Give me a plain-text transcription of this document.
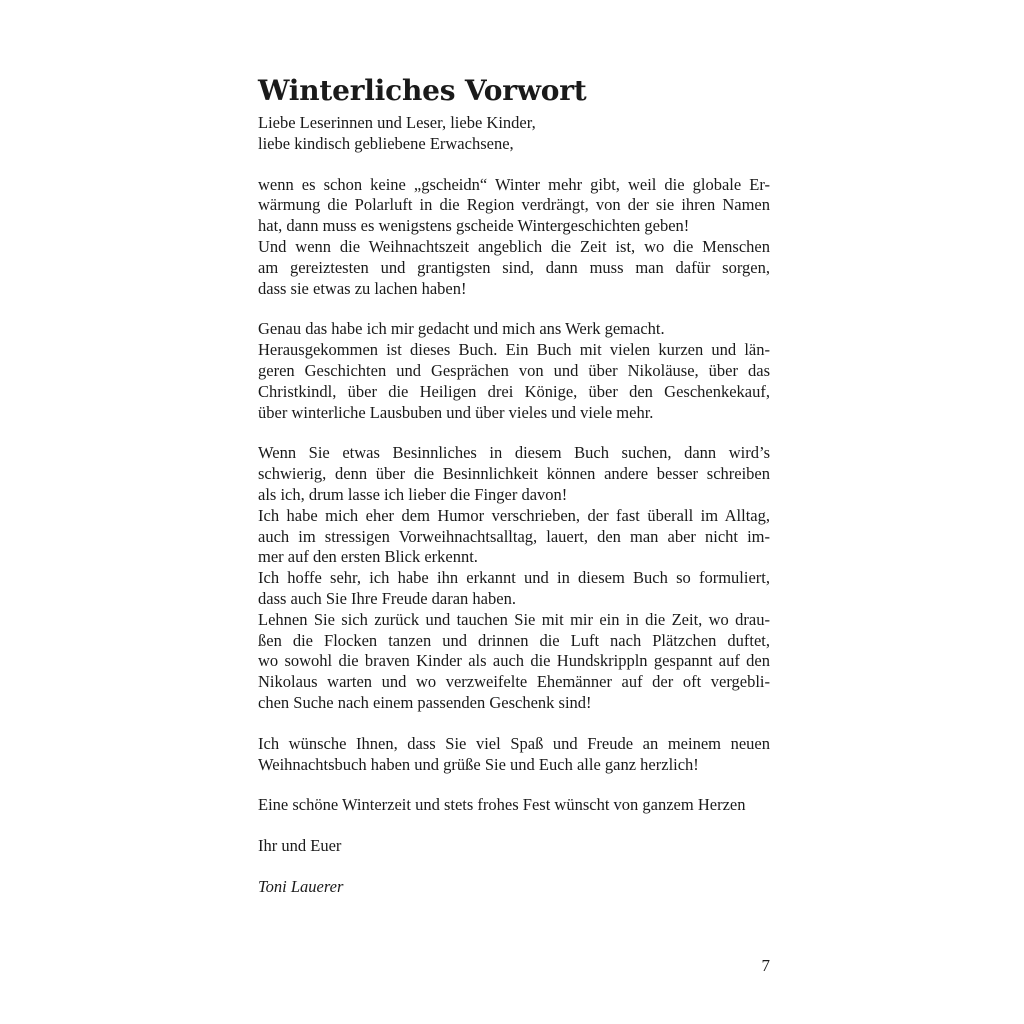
Winterliches Vorwort

Liebe Leserinnen und Leser, liebe Kinder,
liebe kindisch gebliebene Erwachsene,

wenn es schon keine „gscheidn“ Winter mehr gibt, weil die globale Er-
wärmung die Polarluft in die Region verdrängt, von der sie ihren Namen
hat, dann muss es wenigstens gscheide Wintergeschichten geben!
Und wenn die Weihnachtszeit angeblich die Zeit ist, wo die Menschen
am gereiztesten und grantigsten sind, dann muss man dafür sorgen,
dass sie etwas zu lachen haben!

Genau das habe ich mir gedacht und mich ans Werk gemacht.
Herausgekommen ist dieses Buch. Ein Buch mit vielen kurzen und län-
geren Geschichten und Gesprächen von und über Nikoläuse, über das
Christkindl, über die Heiligen drei Könige, über den Geschenkekauf,
über winterliche Lausbuben und über vieles und viele mehr.

Wenn Sie etwas Besinnliches in diesem Buch suchen, dann wird’s
schwierig, denn über die Besinnlichkeit können andere besser schreiben
als ich, drum lasse ich lieber die Finger davon!
Ich habe mich eher dem Humor verschrieben, der fast überall im Alltag,
auch im stressigen Vorweihnachtsalltag, lauert, den man aber nicht im-
mer auf den ersten Blick erkennt.
Ich hoffe sehr, ich habe ihn erkannt und in diesem Buch so formuliert,
dass auch Sie Ihre Freude daran haben.
Lehnen Sie sich zurück und tauchen Sie mit mir ein in die Zeit, wo drau-
ßen die Flocken tanzen und drinnen die Luft nach Plätzchen duftet,
wo sowohl die braven Kinder als auch die Hundskrippln gespannt auf den
Nikolaus warten und wo verzweifelte Ehemänner auf der oft vergebli-
chen Suche nach einem passenden Geschenk sind!

Ich wünsche Ihnen, dass Sie viel Spaß und Freude an meinem neuen
Weihnachtsbuch haben und grüße Sie und Euch alle ganz herzlich!

Eine schöne Winterzeit und stets frohes Fest wünscht von ganzem Herzen

Ihr und Euer

Toni Lauerer

7
